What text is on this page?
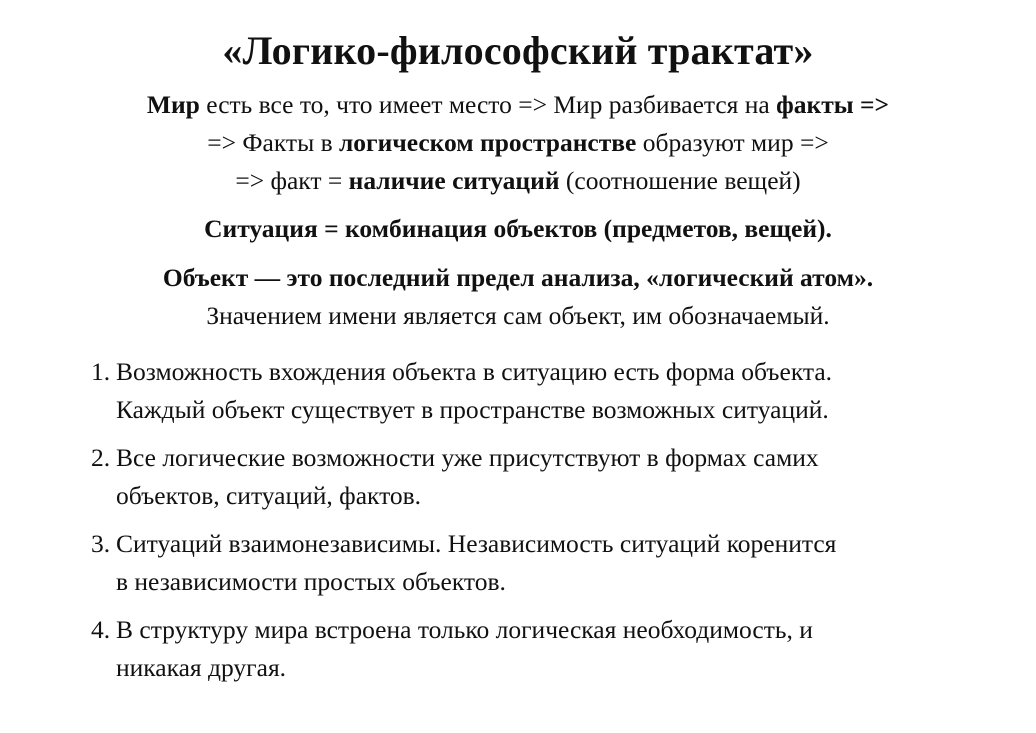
«Логико-философский трактат»

Мир есть все то, что имеет место => Мир разбивается на факты =>

=> Факты в логическом пространстве образуют мир =>

=> факт = наличие ситуаций (соотношение вещей)

Ситуация = комбинация объектов (предметов, вещей).

Объект — это последний предел анализа, «логический атом».

Значением имени является сам объект, им обозначаемый.

1. Возможность вхождения объекта в ситуацию есть форма объекта.
Каждый объект существует в пространстве возможных ситуаций.
2. Все логические возможности уже присутствуют в формах самих
объектов, ситуаций, фактов.
3. Ситуаций взаимонезависимы. Независимость ситуаций коренится
в независимости простых объектов.
4. В структуру мира встроена только логическая необходимость, и
никакая другая.
